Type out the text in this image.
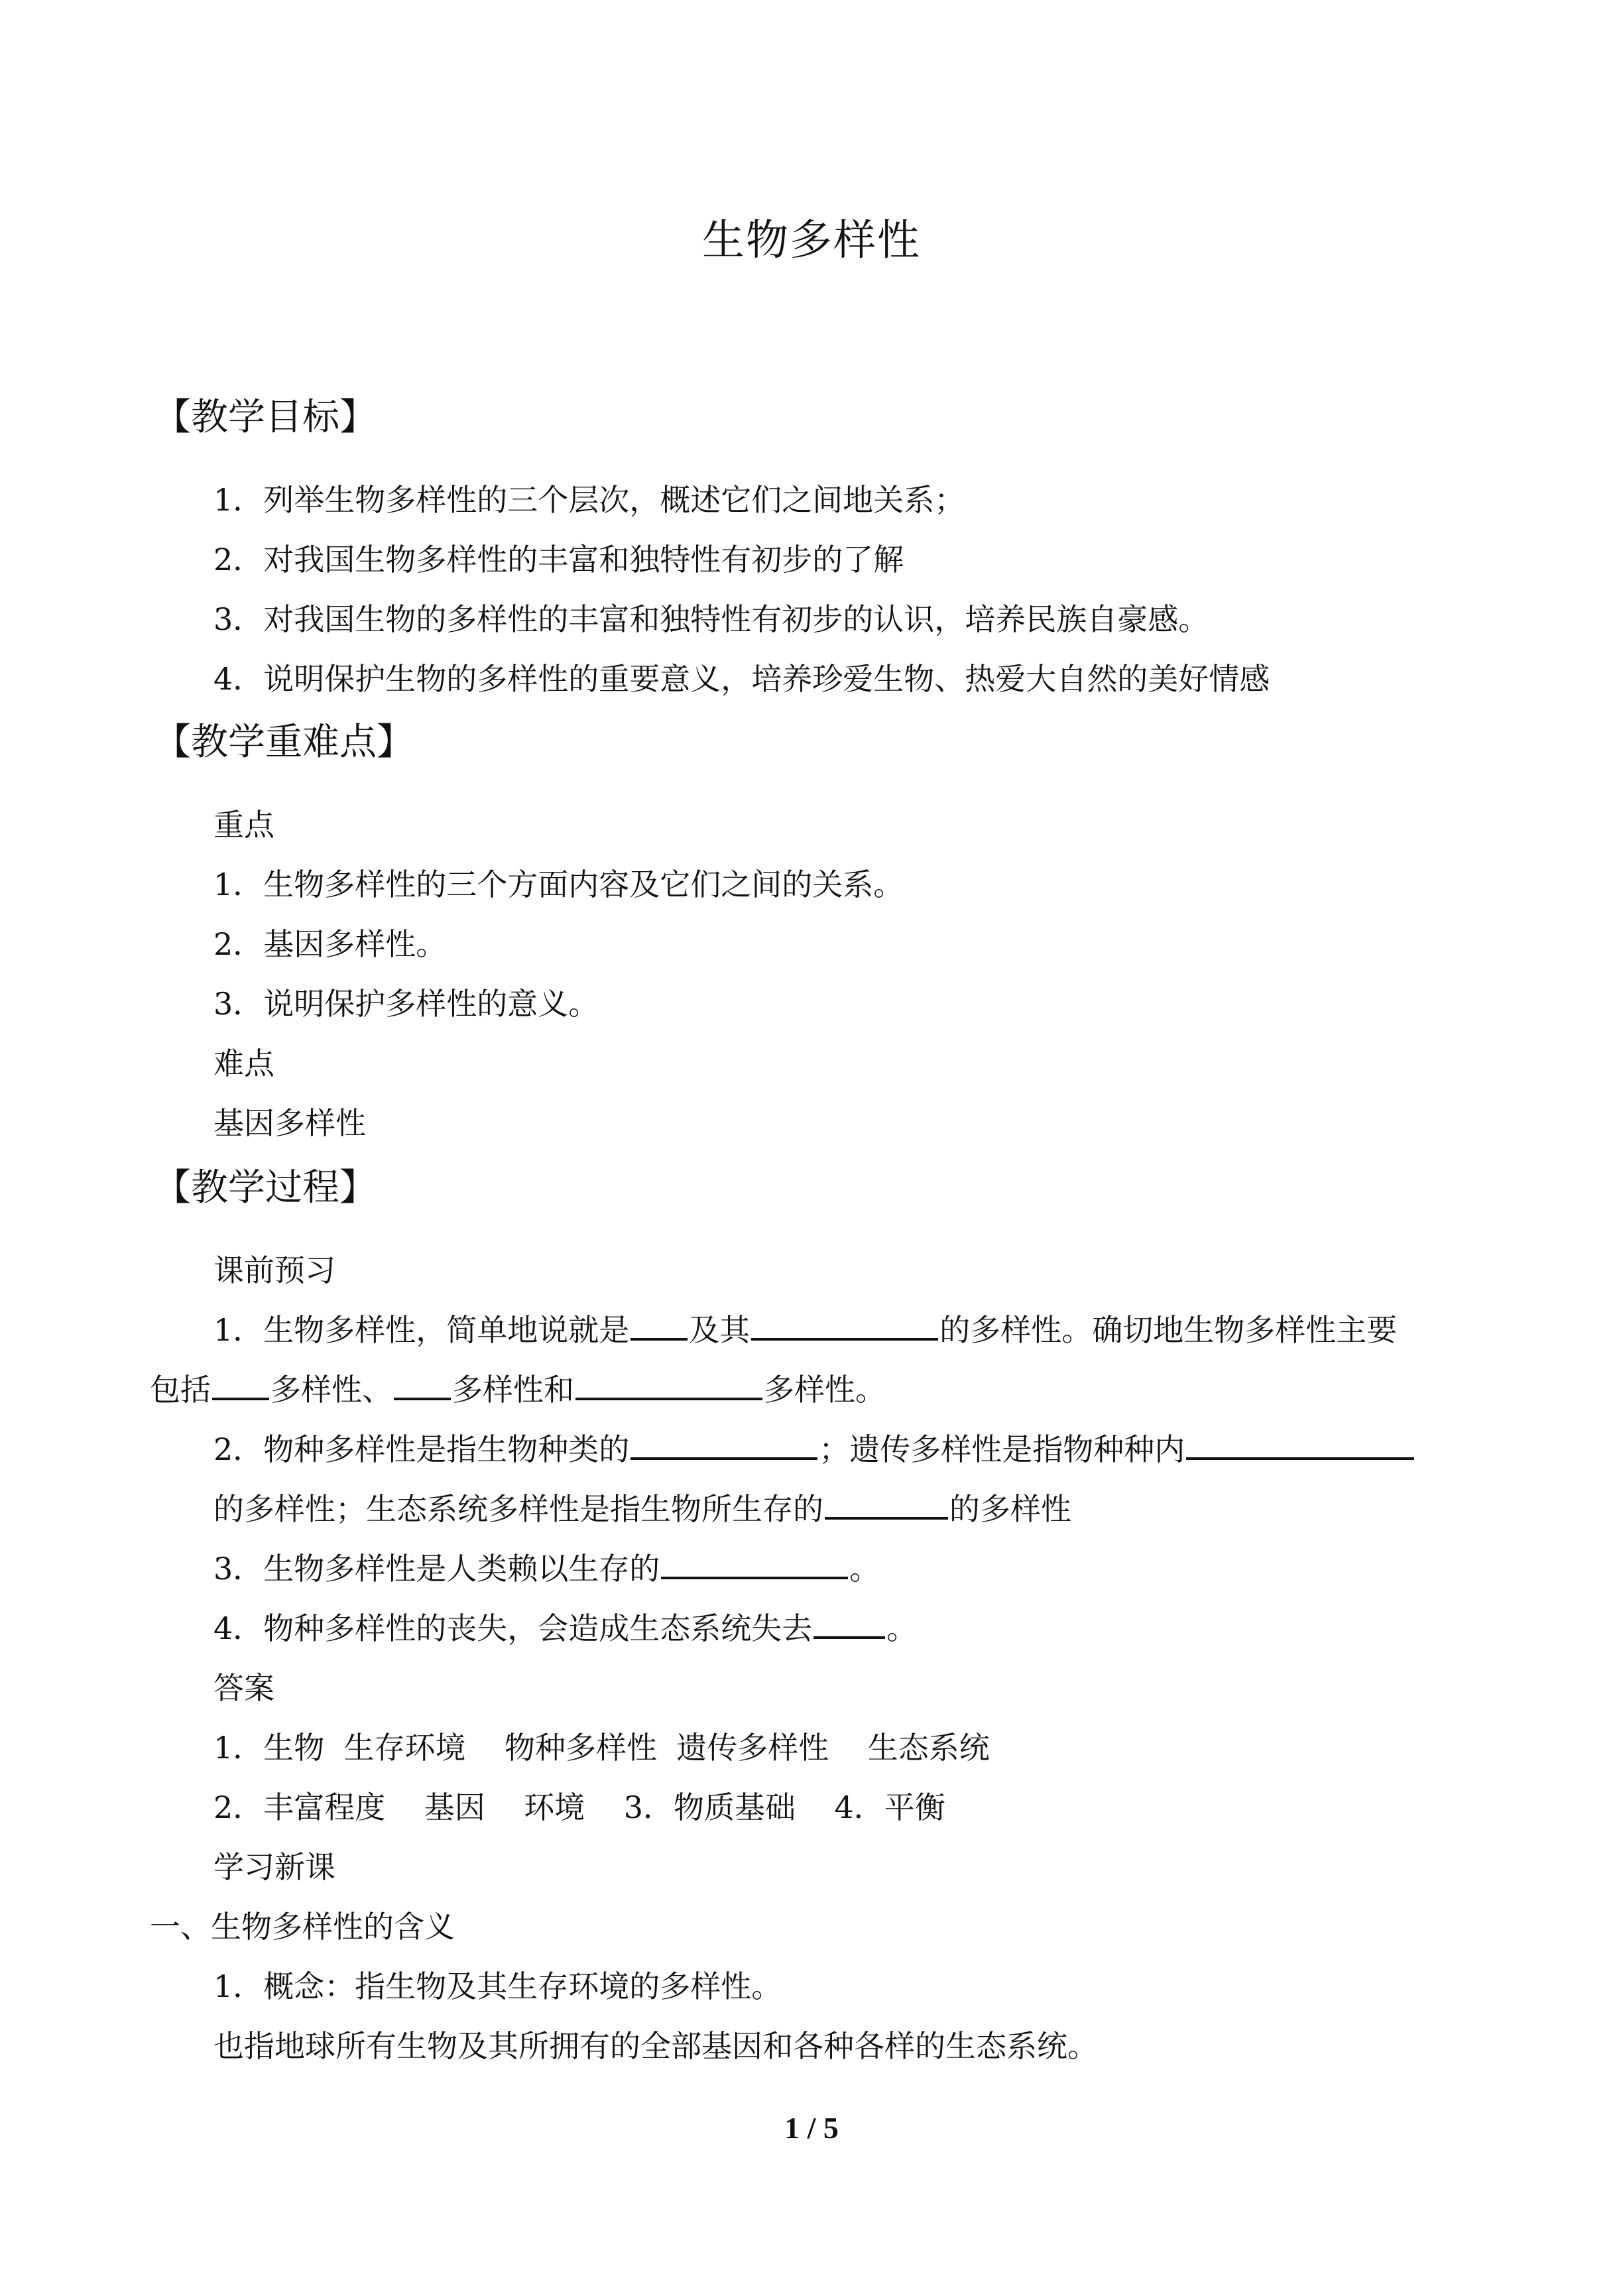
生物多样性
【教学目标】
1．列举生物多样性的三个层次，概述它们之间地关系；
2．对我国生物多样性的丰富和独特性有初步的了解
3．对我国生物的多样性的丰富和独特性有初步的认识，培养民族自豪感。
4．说明保护生物的多样性的重要意义，培养珍爱生物、热爱大自然的美好情感
【教学重难点】
重点
1．生物多样性的三个方面内容及它们之间的关系。
2．基因多样性。
3．说明保护多样性的意义。
难点
基因多样性
【教学过程】
课前预习
1．生物多样性，简单地说就是 及其	的多样性。确切地生物多样性主要
包括 多样性、 多样性和	多样性。
2．物种多样性是指生物种类的	；遗传多样性是指物种种内
的多样性；生态系统多样性是指生物所生存的	的多样性
3．生物多样性是人类赖以生存的	。
4．物种多样性的丧失，会造成生态系统失去 。
答案
1．生物  生存环境    物种多样性  遗传多样性    生态系统
2．丰富程度    基因    环境    3．物质基础    4．平衡
学习新课
一、生物多样性的含义
1．概念：指生物及其生存环境的多样性。
也指地球所有生物及其所拥有的全部基因和各种各样的生态系统。
1 / 5
